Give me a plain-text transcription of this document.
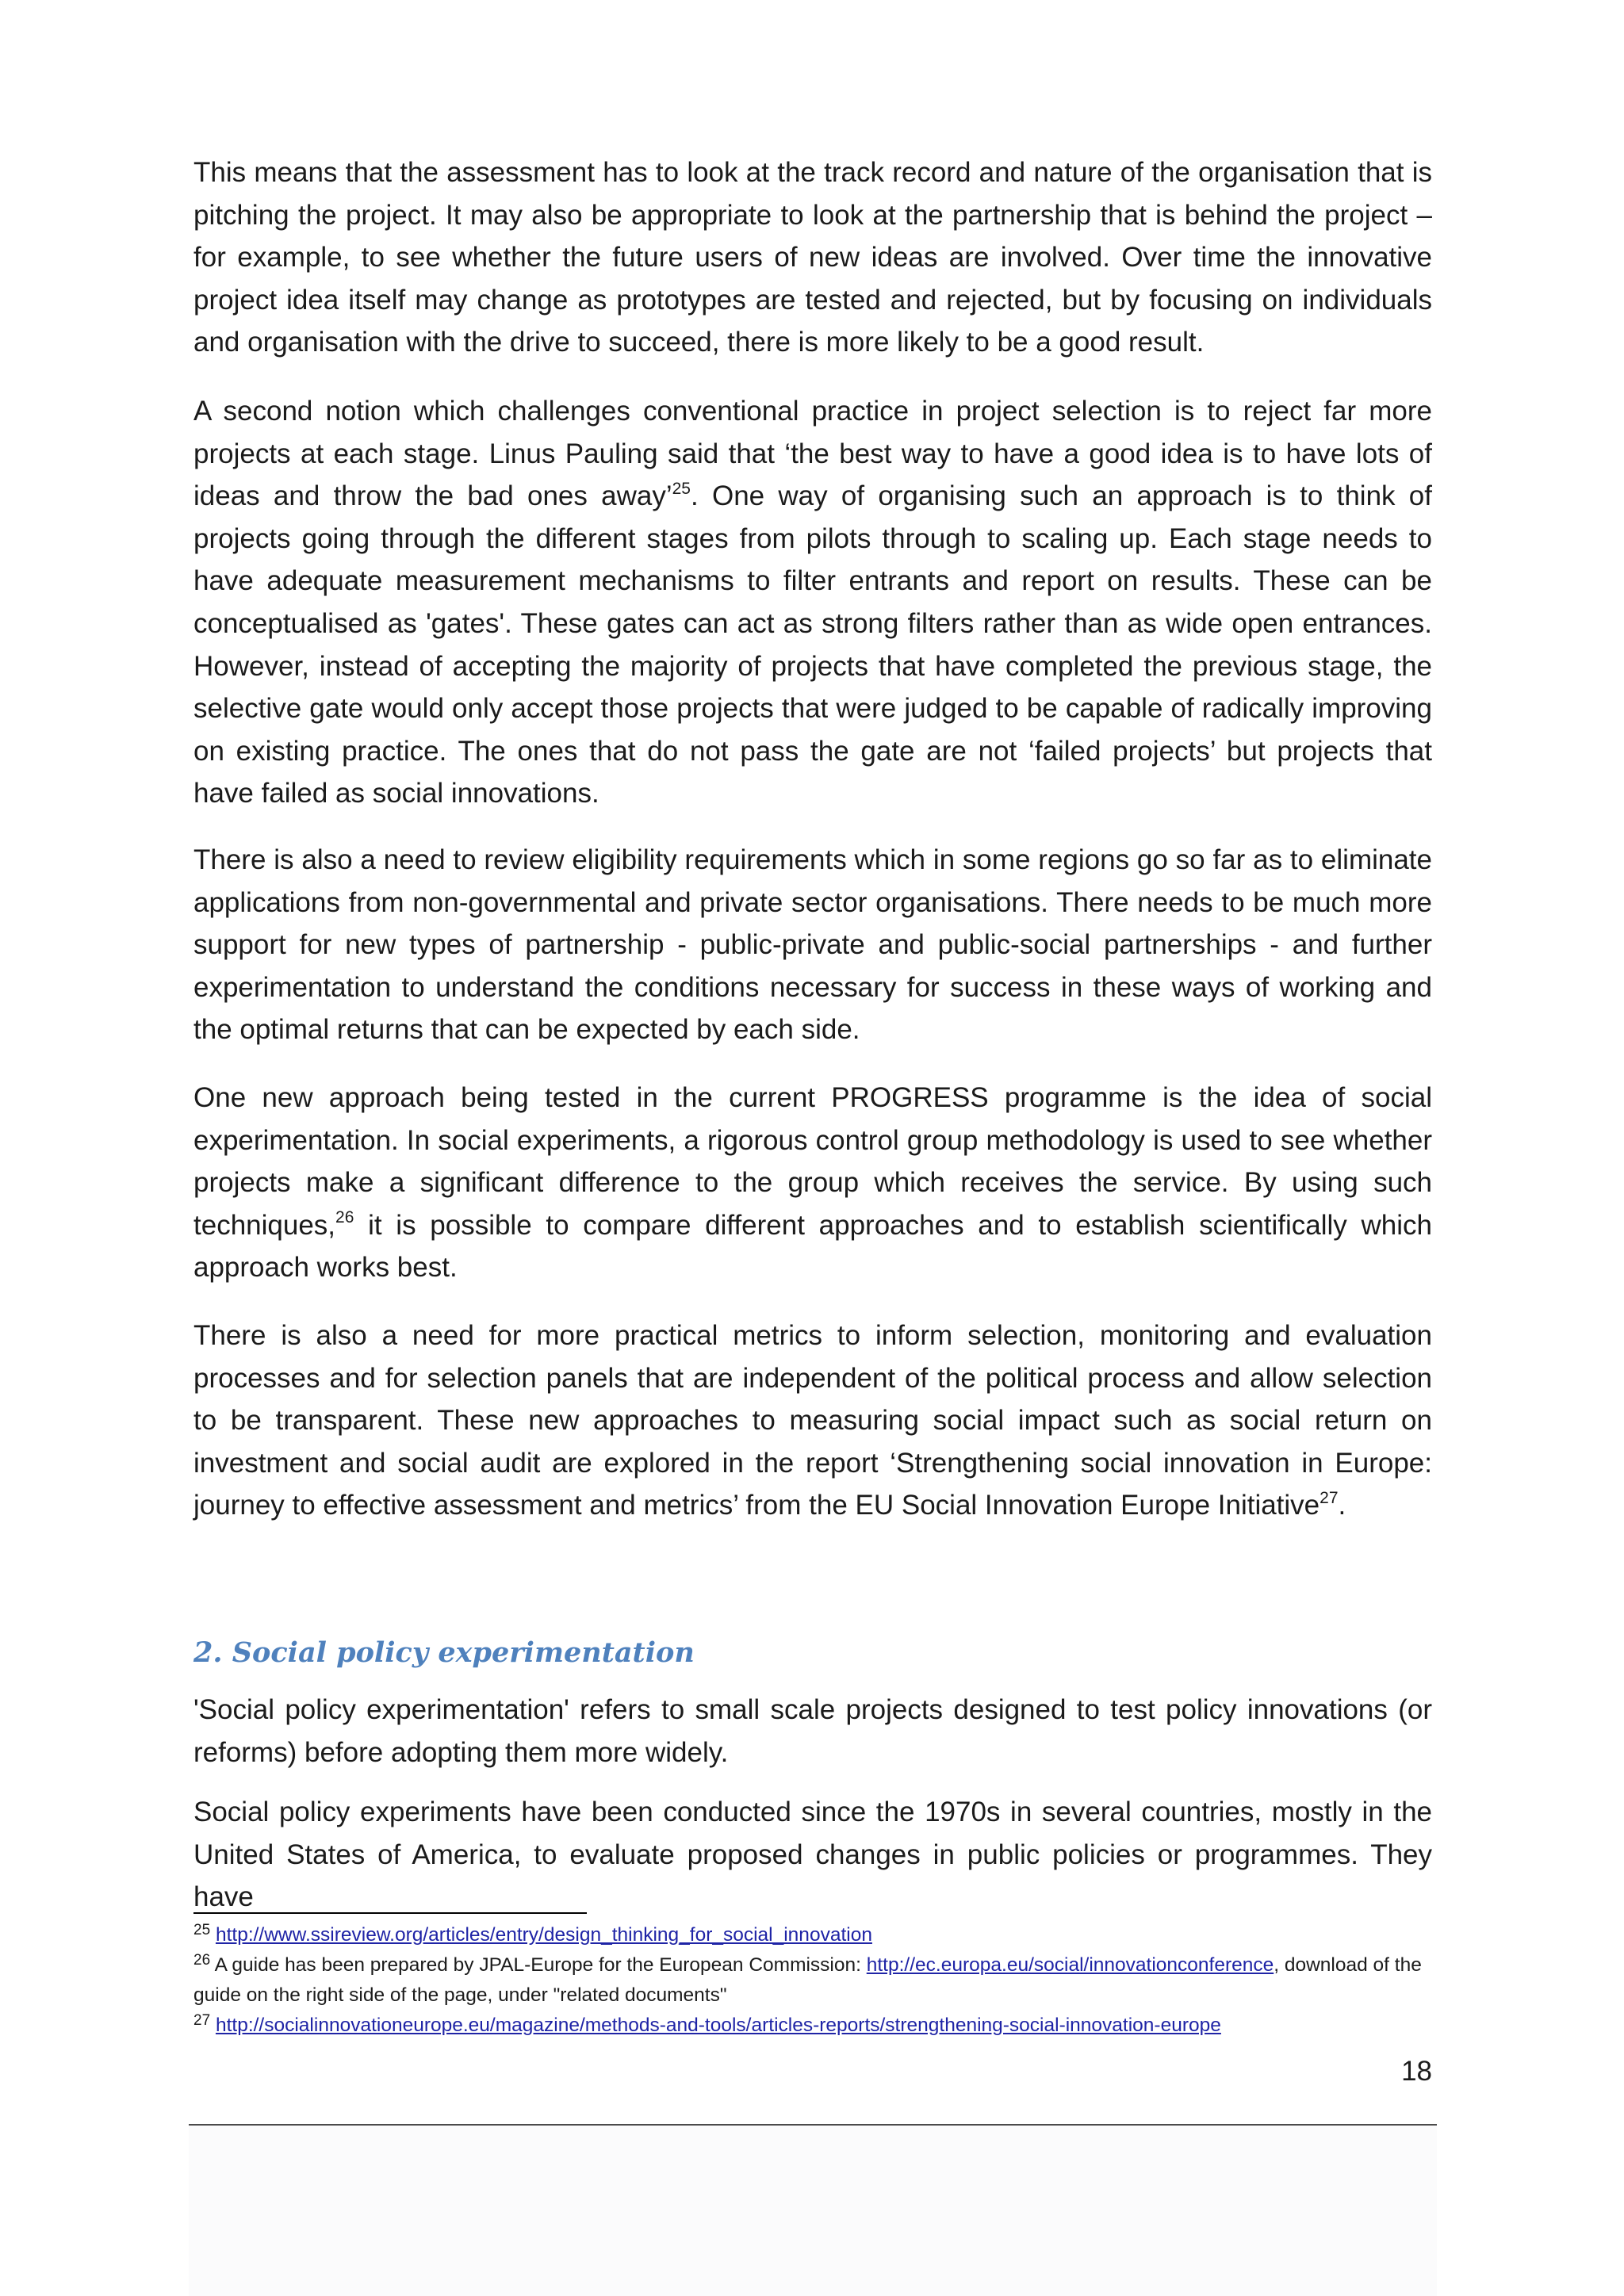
This means that the assessment has to look at the track record and nature of the organisation that is pitching the project. It may also be appropriate to look at the partnership that is behind the project – for example, to see whether the future users of new ideas are involved. Over time the innovative project idea itself may change as prototypes are tested and rejected, but by focusing on individuals and organisation with the drive to succeed, there is more likely to be a good result.

A second notion which challenges conventional practice in project selection is to reject far more projects at each stage. Linus Pauling said that ‘the best way to have a good idea is to have lots of ideas and throw the bad ones away’$^{25}$. One way of organising such an approach is to think of projects going through the different stages from pilots through to scaling up. Each stage needs to have adequate measurement mechanisms to filter entrants and report on results. These can be conceptualised as 'gates'. These gates can act as strong filters rather than as wide open entrances. However, instead of accepting the majority of projects that have completed the previous stage, the selective gate would only accept those projects that were judged to be capable of radically improving on existing practice. The ones that do not pass the gate are not ‘failed projects’ but projects that have failed as social innovations.

There is also a need to review eligibility requirements which in some regions go so far as to eliminate applications from non-governmental and private sector organisations. There needs to be much more support for new types of partnership - public-private and public-social partnerships - and further experimentation to understand the conditions necessary for success in these ways of working and the optimal returns that can be expected by each side.

One new approach being tested in the current PROGRESS programme is the idea of social experimentation. In social experiments, a rigorous control group methodology is used to see whether projects make a significant difference to the group which receives the service. By using such techniques,$^{26}$ it is possible to compare different approaches and to establish scientifically which approach works best.

There is also a need for more practical metrics to inform selection, monitoring and evaluation processes and for selection panels that are independent of the political process and allow selection to be transparent. These new approaches to measuring social impact such as social return on investment and social audit are explored in the report ‘Strengthening social innovation in Europe: journey to effective assessment and metrics’ from the EU Social Innovation Europe Initiative$^{27}$.

2. Social policy experimentation

'Social policy experimentation' refers to small scale projects designed to test policy innovations (or reforms) before adopting them more widely.

Social policy experiments have been conducted since the 1970s in several countries, mostly in the United States of America, to evaluate proposed changes in public policies or programmes. They have

$^{25}$ http://www.ssireview.org/articles/entry/design_thinking_for_social_innovation

$^{26}$ A guide has been prepared by JPAL-Europe for the European Commission: http://ec.europa.eu/social/innovationconference, download of the guide on the right side of the page, under "related documents"

$^{27}$ http://socialinnovationeurope.eu/magazine/methods-and-tools/articles-reports/strengthening-social-innovation-europe

18
